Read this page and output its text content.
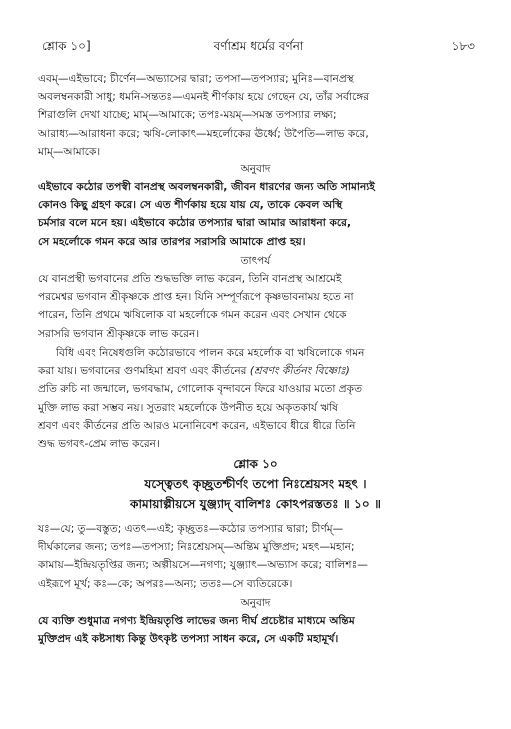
শ্লোক ১০]	বর্ণাশ্রম ধর্মের বর্ণনা	১৮৩
এবম্—এইভাবে; চীর্ণেন—অভ্যাসের দ্বারা; তপসা—তপস্যার; মুনিঃ—বানপ্রস্থ
অবলম্বনকারী সাধু; ধমনি-সন্ততঃ—এমনই শীর্ণকায় হয়ে গেছেন যে, তাঁর সর্বাঙ্গের
শিরাগুলি দেখা যাচ্ছে; মাম্—আমাকে; তপঃ-ময়ম্—সমস্ত তপস্যার লক্ষ্য;
আরাধ্য—আরাধনা করে; ঋষি-লোকাৎ—মহর্লোকের ঊর্ধ্বে; উপৈতি—লাভ করে,
মাম্—আমাকে।
অনুবাদ
এইভাবে কঠোর তপস্বী বানপ্রস্থ অবলম্বনকারী, জীবন ধারণের জন্য অতি সামান্যই
কোনও কিছু গ্রহণ করে। সে এত শীর্ণকায় হয়ে যায় যে, তাকে কেবল অস্থি
চর্মসার বলে মনে হয়। এইভাবে কঠোর তপস্যার দ্বারা আমার আরাধনা করে,
সে মহর্লোকে গমন করে আর তারপর সরাসরি আমাকে প্রাপ্ত হয়।
তাৎপর্য
যে বানপ্রস্থী ভগবানের প্রতি শুদ্ধভক্তি লাভ করেন, তিনি বানপ্রস্থ আশ্রমেই
পরমেশ্বর ভগবান শ্রীকৃষ্ণকে প্রাপ্ত হন। যিনি সম্পূর্ণরূপে কৃষ্ণভাবনাময় হতে না
পারেন, তিনি প্রথমে ঋষিলোক বা মহর্লোকে গমন করেন এবং সেখান থেকে
সরাসরি ভগবান শ্রীকৃষ্ণকে লাভ করেন।
বিধি এবং নিষেধগুলি কঠোরভাবে পালন করে মহর্লোক বা ঋষিলোকে গমন
করা যায়। ভগবানের গুণমহিমা শ্রবণ এবং কীর্তনের (শ্রবণং কীর্তনং বিষ্ণোঃ)
প্রতি রুচি না জন্মালে, ভগবদ্ধাম, গোলোক বৃন্দাবনে ফিরে যাওয়ার মতো প্রকৃত
মুক্তি লাভ করা সম্ভব নয়। সুতরাং মহর্লোকে উপনীত হয়ে অকৃতকার্য ঋষি
শ্রবণ এবং কীর্তনের প্রতি আরও মনোনিবেশ করেন, এইভাবে ধীরে ধীরে তিনি
শুদ্ধ ভগবৎ-প্রেম লাভ করেন।
শ্লোক ১০
যস্ত্বেতৎ কৃচ্ছ্রতশ্চীর্ণং তপো নিঃশ্রেয়সং মহৎ ।
কামায়াল্পীয়সে যুঞ্জ্যাদ্ বালিশঃ কোঽপরস্ততঃ ॥ ১০ ॥
যঃ—যে; তু—বস্তুত; এতৎ—এই; কৃচ্ছ্রতঃ—কঠোর তপস্যার দ্বারা; চীর্ণম্—
দীর্ঘকালের জন্য; তপঃ—তপস্যা; নিঃশ্রেয়সম্—অন্তিম মুক্তিপ্রদ; মহৎ—মহান;
কামায়—ইন্দ্রিয়তৃপ্তির জন্য; অল্পীয়সে—নগণ্য; যুঞ্জ্যাৎ—অভ্যাস করে; বালিশঃ—
এইরূপে মূর্খ; কঃ—কে; অপরঃ—অন্য; ততঃ—সে ব্যতিরেকে।
অনুবাদ
যে ব্যক্তি শুধুমাত্র নগণ্য ইন্দ্রিয়তৃপ্তি লাভের জন্য দীর্ঘ প্রচেষ্টার মাধ্যমে অন্তিম
মুক্তিপ্রদ এই কষ্টসাধ্য কিন্তু উৎকৃষ্ট তপস্যা সাধন করে, সে একটি মহামূর্খ।
